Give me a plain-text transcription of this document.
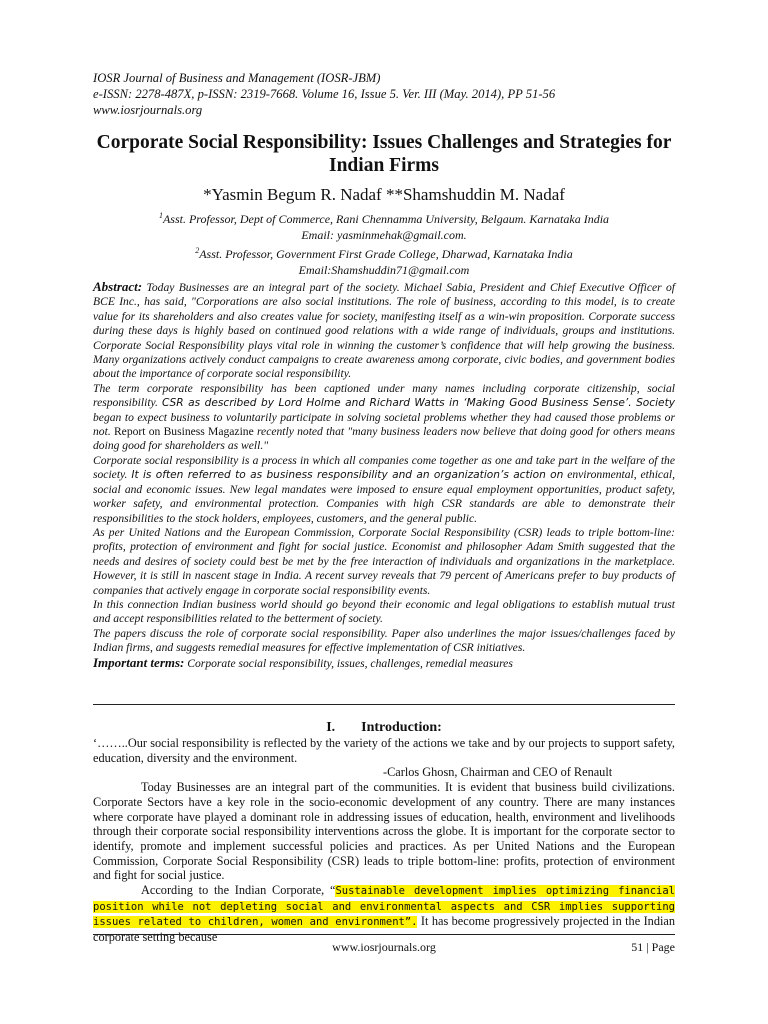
IOSR Journal of Business and Management (IOSR-JBM)
e-ISSN: 2278-487X, p-ISSN: 2319-7668. Volume 16, Issue 5. Ver. III (May. 2014), PP 51-56
www.iosrjournals.org
Corporate Social Responsibility: Issues Challenges and Strategies for Indian Firms
*Yasmin Begum R. Nadaf **Shamshuddin M. Nadaf
$^1$Asst. Professor, Dept of Commerce, Rani Chennamma University, Belgaum. Karnataka India
Email: yasminmehak@gmail.com.
$^2$Asst. Professor, Government First Grade College, Dharwad, Karnataka India
Email:Shamshuddin71@gmail.com

Abstract: Today Businesses are an integral part of the society. Michael Sabia, President and Chief Executive Officer of BCE Inc., has said, "Corporations are also social institutions. The role of business, according to this model, is to create value for its shareholders and also creates value for society, manifesting itself as a win-win proposition. Corporate success during these days is highly based on continued good relations with a wide range of individuals, groups and institutions. Corporate Social Responsibility plays vital role in winning the customer’s confidence that will help growing the business. Many organizations actively conduct campaigns to create awareness among corporate, civic bodies, and government bodies about the importance of corporate social responsibility.

The term corporate responsibility has been captioned under many names including corporate citizenship, social responsibility. CSR as described by Lord Holme and Richard Watts in ‘Making Good Business Sense’. Society began to expect business to voluntarily participate in solving societal problems whether they had caused those problems or not. Report on Business Magazine recently noted that "many business leaders now believe that doing good for others means doing good for shareholders as well."

Corporate social responsibility is a process in which all companies come together as one and take part in the welfare of the society. It is often referred to as business responsibility and an organization’s action on environmental, ethical, social and economic issues. New legal mandates were imposed to ensure equal employment opportunities, product safety, worker safety, and environmental protection. Companies with high CSR standards are able to demonstrate their responsibilities to the stock holders, employees, customers, and the general public.

As per United Nations and the European Commission, Corporate Social Responsibility (CSR) leads to triple bottom-line: profits, protection of environment and fight for social justice. Economist and philosopher Adam Smith suggested that the needs and desires of society could best be met by the free interaction of individuals and organizations in the marketplace. However, it is still in nascent stage in India. A recent survey reveals that 79 percent of Americans prefer to buy products of companies that actively engage in corporate social responsibility events.

In this connection Indian business world should go beyond their economic and legal obligations to establish mutual trust and accept responsibilities related to the betterment of society.

The papers discuss the role of corporate social responsibility. Paper also underlines the major issues/challenges faced by Indian firms, and suggests remedial measures for effective implementation of CSR initiatives.

Important terms: Corporate social responsibility, issues, challenges, remedial measures

I. Introduction:

‘……..Our social responsibility is reflected by the variety of the actions we take and by our projects to support safety, education, diversity and the environment.

-Carlos Ghosn, Chairman and CEO of Renault

Today Businesses are an integral part of the communities. It is evident that business build civilizations. Corporate Sectors have a key role in the socio-economic development of any country. There are many instances where corporate have played a dominant role in addressing issues of education, health, environment and livelihoods through their corporate social responsibility interventions across the globe. It is important for the corporate sector to identify, promote and implement successful policies and practices. As per United Nations and the European Commission, Corporate Social Responsibility (CSR) leads to triple bottom-line: profits, protection of environment and fight for social justice.

According to the Indian Corporate, “Sustainable development implies optimizing financial position while not depleting social and environmental aspects and CSR implies supporting issues related to children, women and environment”. It has become progressively projected in the Indian corporate setting because

www.iosrjournals.org	51 | Page
